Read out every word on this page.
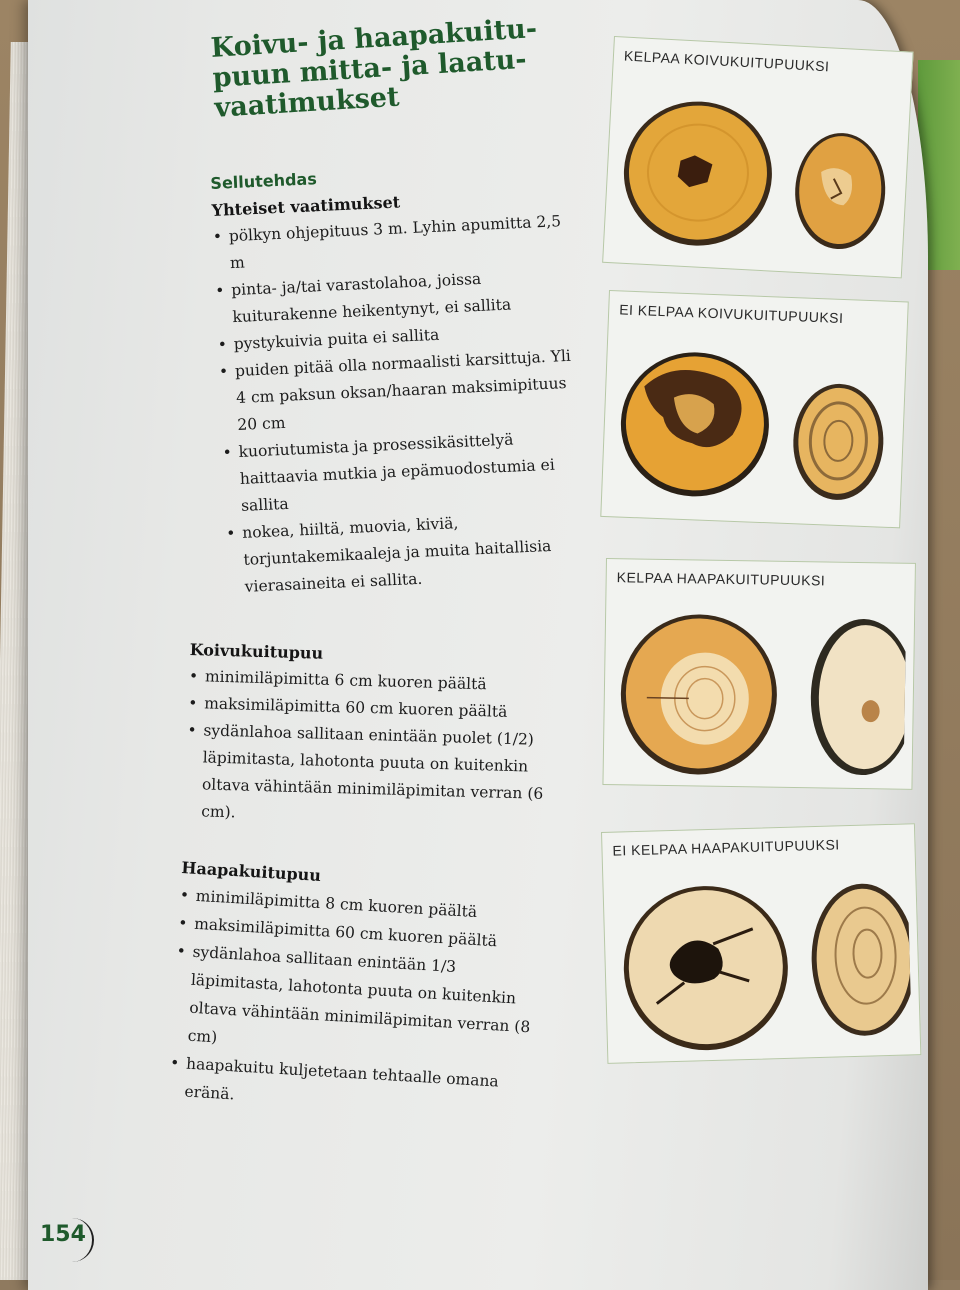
Koivu- ja haapakuitu-puun mitta- ja laatu-vaatimukset
Sellutehdas
Yhteiset vaatimukset
• pölkyn ohjepituus 3 m. Lyhin apumitta 2,5 m
• pinta- ja/tai varastolahoa, joissa kuiturakenne heikentynyt, ei sallita
• pystykuivia puita ei sallita
• puiden pitää olla normaalisti karsittuja. Yli 4 cm paksun oksan/haaran maksimipituus 20 cm
• kuoriutumista ja prosessikäsittelyä haittaavia mutkia ja epämuodostumia ei sallita
• nokea, hiiltä, muovia, kiviä, torjuntakemikaaleja ja muita haitallisia vierasaineita ei sallita.
Koivukuitupuu
• minimiläpimitta 6 cm kuoren päältä
• maksimiläpimitta 60 cm kuoren päältä
• sydänlahoa sallitaan enintään puolet (1/2) läpimitasta, lahotonta puuta on kuitenkin oltava vähintään minimiläpimitan verran (6 cm).
Haapakuitupuu
• minimiläpimitta 8 cm kuoren päältä
• maksimiläpimitta 60 cm kuoren päältä
• sydänlahoa sallitaan enintään 1/3 läpimitasta, lahotonta puuta on kuitenkin oltava vähintään minimiläpimitan verran (8 cm)
• haapakuitu kuljetetaan tehtaalle omana eränä.
KELPAA KOIVUKUITUPUUKSI
EI KELPAA KOIVUKUITUPUUKSI
KELPAA HAAPAKUITUPUUKSI
EI KELPAA HAAPAKUITUPUUKSI
154
